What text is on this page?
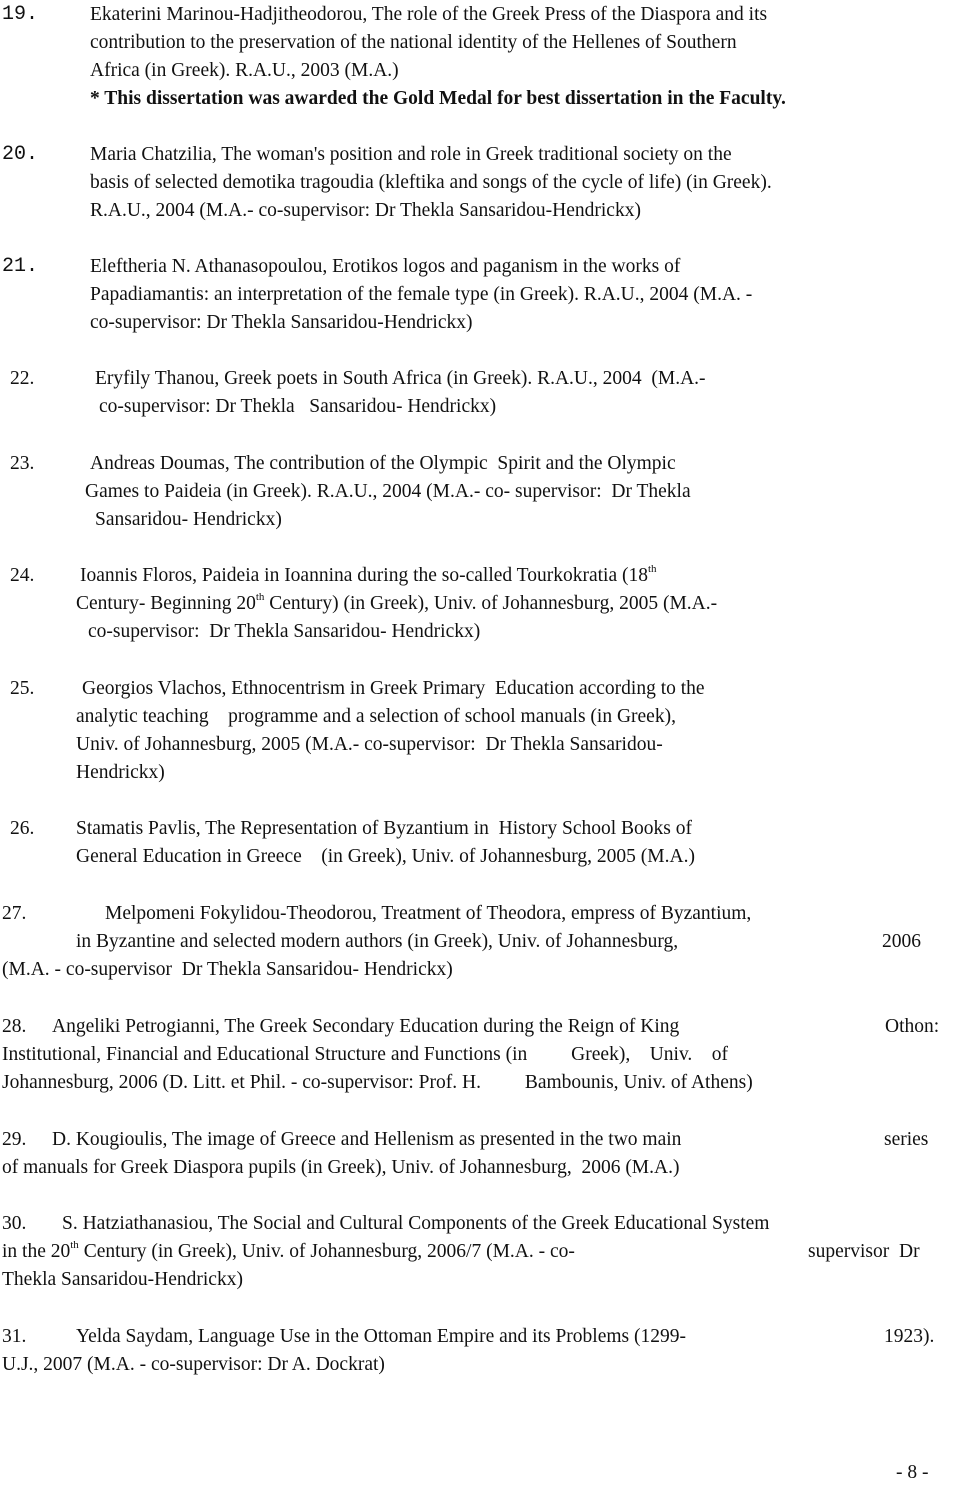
19.	Ekaterini Marinou-Hadjitheodorou, The role of the Greek Press of the Diaspora and its
contribution to the preservation of the national identity of the Hellenes of Southern
Africa (in Greek). R.A.U., 2003 (M.A.)
* This dissertation was awarded the Gold Medal for best dissertation in the Faculty.
20.	Maria Chatzilia, The woman's position and role in Greek traditional society on the
basis of selected demotika tragoudia (kleftika and songs of the cycle of life) (in Greek).
R.A.U., 2004 (M.A.- co-supervisor: Dr Thekla Sansaridou-Hendrickx)
21.	Eleftheria N. Athanasopoulou, Erotikos logos and paganism in the works of
Papadiamantis: an interpretation of the female type (in Greek). R.A.U., 2004 (M.A. -
co-supervisor: Dr Thekla Sansaridou-Hendrickx)
22.	Eryfily Thanou, Greek poets in South Africa (in Greek). R.A.U., 2004  (M.A.-
co-supervisor: Dr Thekla   Sansaridou- Hendrickx)
23.	Andreas Doumas, The contribution of the Olympic  Spirit and the Olympic
Games to Paideia (in Greek). R.A.U., 2004 (M.A.- co- supervisor:  Dr Thekla
Sansaridou- Hendrickx)
24. Ioannis Floros, Paideia in Ioannina during the so-called Tourkokratia (18th
Century- Beginning 20th Century) (in Greek), Univ. of Johannesburg, 2005 (M.A.-
co-supervisor:  Dr Thekla Sansaridou- Hendrickx)
25. Georgios Vlachos, Ethnocentrism in Greek Primary  Education according to the
analytic teaching    programme and a selection of school manuals (in Greek),
Univ. of Johannesburg, 2005 (M.A.- co-supervisor:  Dr Thekla Sansaridou-
Hendrickx)
26. Stamatis Pavlis, The Representation of Byzantium in  History School Books of
General Education in Greece    (in Greek), Univ. of Johannesburg, 2005 (M.A.)
27.	Melpomeni Fokylidou-Theodorou, Treatment of Theodora, empress of Byzantium,
in Byzantine and selected modern authors (in Greek), Univ. of Johannesburg,	2006
(M.A. - co-supervisor  Dr Thekla Sansaridou- Hendrickx)
28. Angeliki Petrogianni, The Greek Secondary Education during the Reign of King	Othon:
Institutional, Financial and Educational Structure and Functions (in         Greek),    Univ.    of
Johannesburg, 2006 (D. Litt. et Phil. - co-supervisor: Prof. H.         Bambounis, Univ. of Athens)
29. D. Kougioulis, The image of Greece and Hellenism as presented in the two main	series
of manuals for Greek Diaspora pupils (in Greek), Univ. of Johannesburg,  2006 (M.A.)
30. S. Hatziathanasiou, The Social and Cultural Components of the Greek Educational System
in the 20th Century (in Greek), Univ. of Johannesburg, 2006/7 (M.A. - co-	supervisor  Dr
Thekla Sansaridou-Hendrickx)
31.	Yelda Saydam, Language Use in the Ottoman Empire and its Problems (1299-	1923).
U.J., 2007 (M.A. - co-supervisor: Dr A. Dockrat)
- 8 -
